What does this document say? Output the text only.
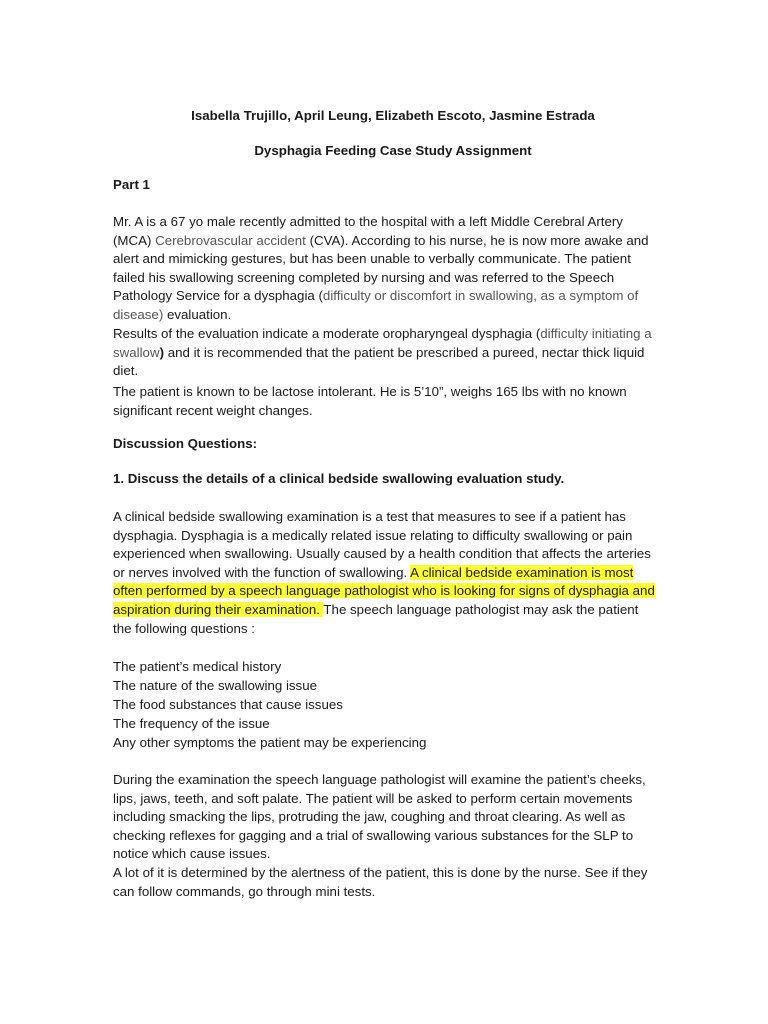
Isabella Trujillo, April Leung, Elizabeth Escoto, Jasmine Estrada
Dysphagia Feeding Case Study Assignment
Part 1

Mr. A is a 67 yo male recently admitted to the hospital with a left Middle Cerebral Artery
(MCA) Cerebrovascular accident (CVA). According to his nurse, he is now more awake and
alert and mimicking gestures, but has been unable to verbally communicate. The patient
failed his swallowing screening completed by nursing and was referred to the Speech
Pathology Service for a dysphagia (difficulty or discomfort in swallowing, as a symptom of
disease) evaluation.

Results of the evaluation indicate a moderate oropharyngeal dysphagia (difficulty initiating a
swallow) and it is recommended that the patient be prescribed a pureed, nectar thick liquid
diet.

The patient is known to be lactose intolerant. He is 5’10”, weighs 165 lbs with no known
significant recent weight changes.

Discussion Questions:
1. Discuss the details of a clinical bedside swallowing evaluation study.

A clinical bedside swallowing examination is a test that measures to see if a patient has
dysphagia. Dysphagia is a medically related issue relating to difficulty swallowing or pain
experienced when swallowing. Usually caused by a health condition that affects the arteries
or nerves involved with the function of swallowing. A clinical bedside examination is most
often performed by a speech language pathologist who is looking for signs of dysphagia and
aspiration during their examination. The speech language pathologist may ask the patient
the following questions :

The patient’s medical history
The nature of the swallowing issue
The food substances that cause issues
The frequency of the issue
Any other symptoms the patient may be experiencing

During the examination the speech language pathologist will examine the patient’s cheeks,
lips, jaws, teeth, and soft palate. The patient will be asked to perform certain movements
including smacking the lips, protruding the jaw, coughing and throat clearing. As well as
checking reflexes for gagging and a trial of swallowing various substances for the SLP to
notice which cause issues.
A lot of it is determined by the alertness of the patient, this is done by the nurse. See if they
can follow commands, go through mini tests.
